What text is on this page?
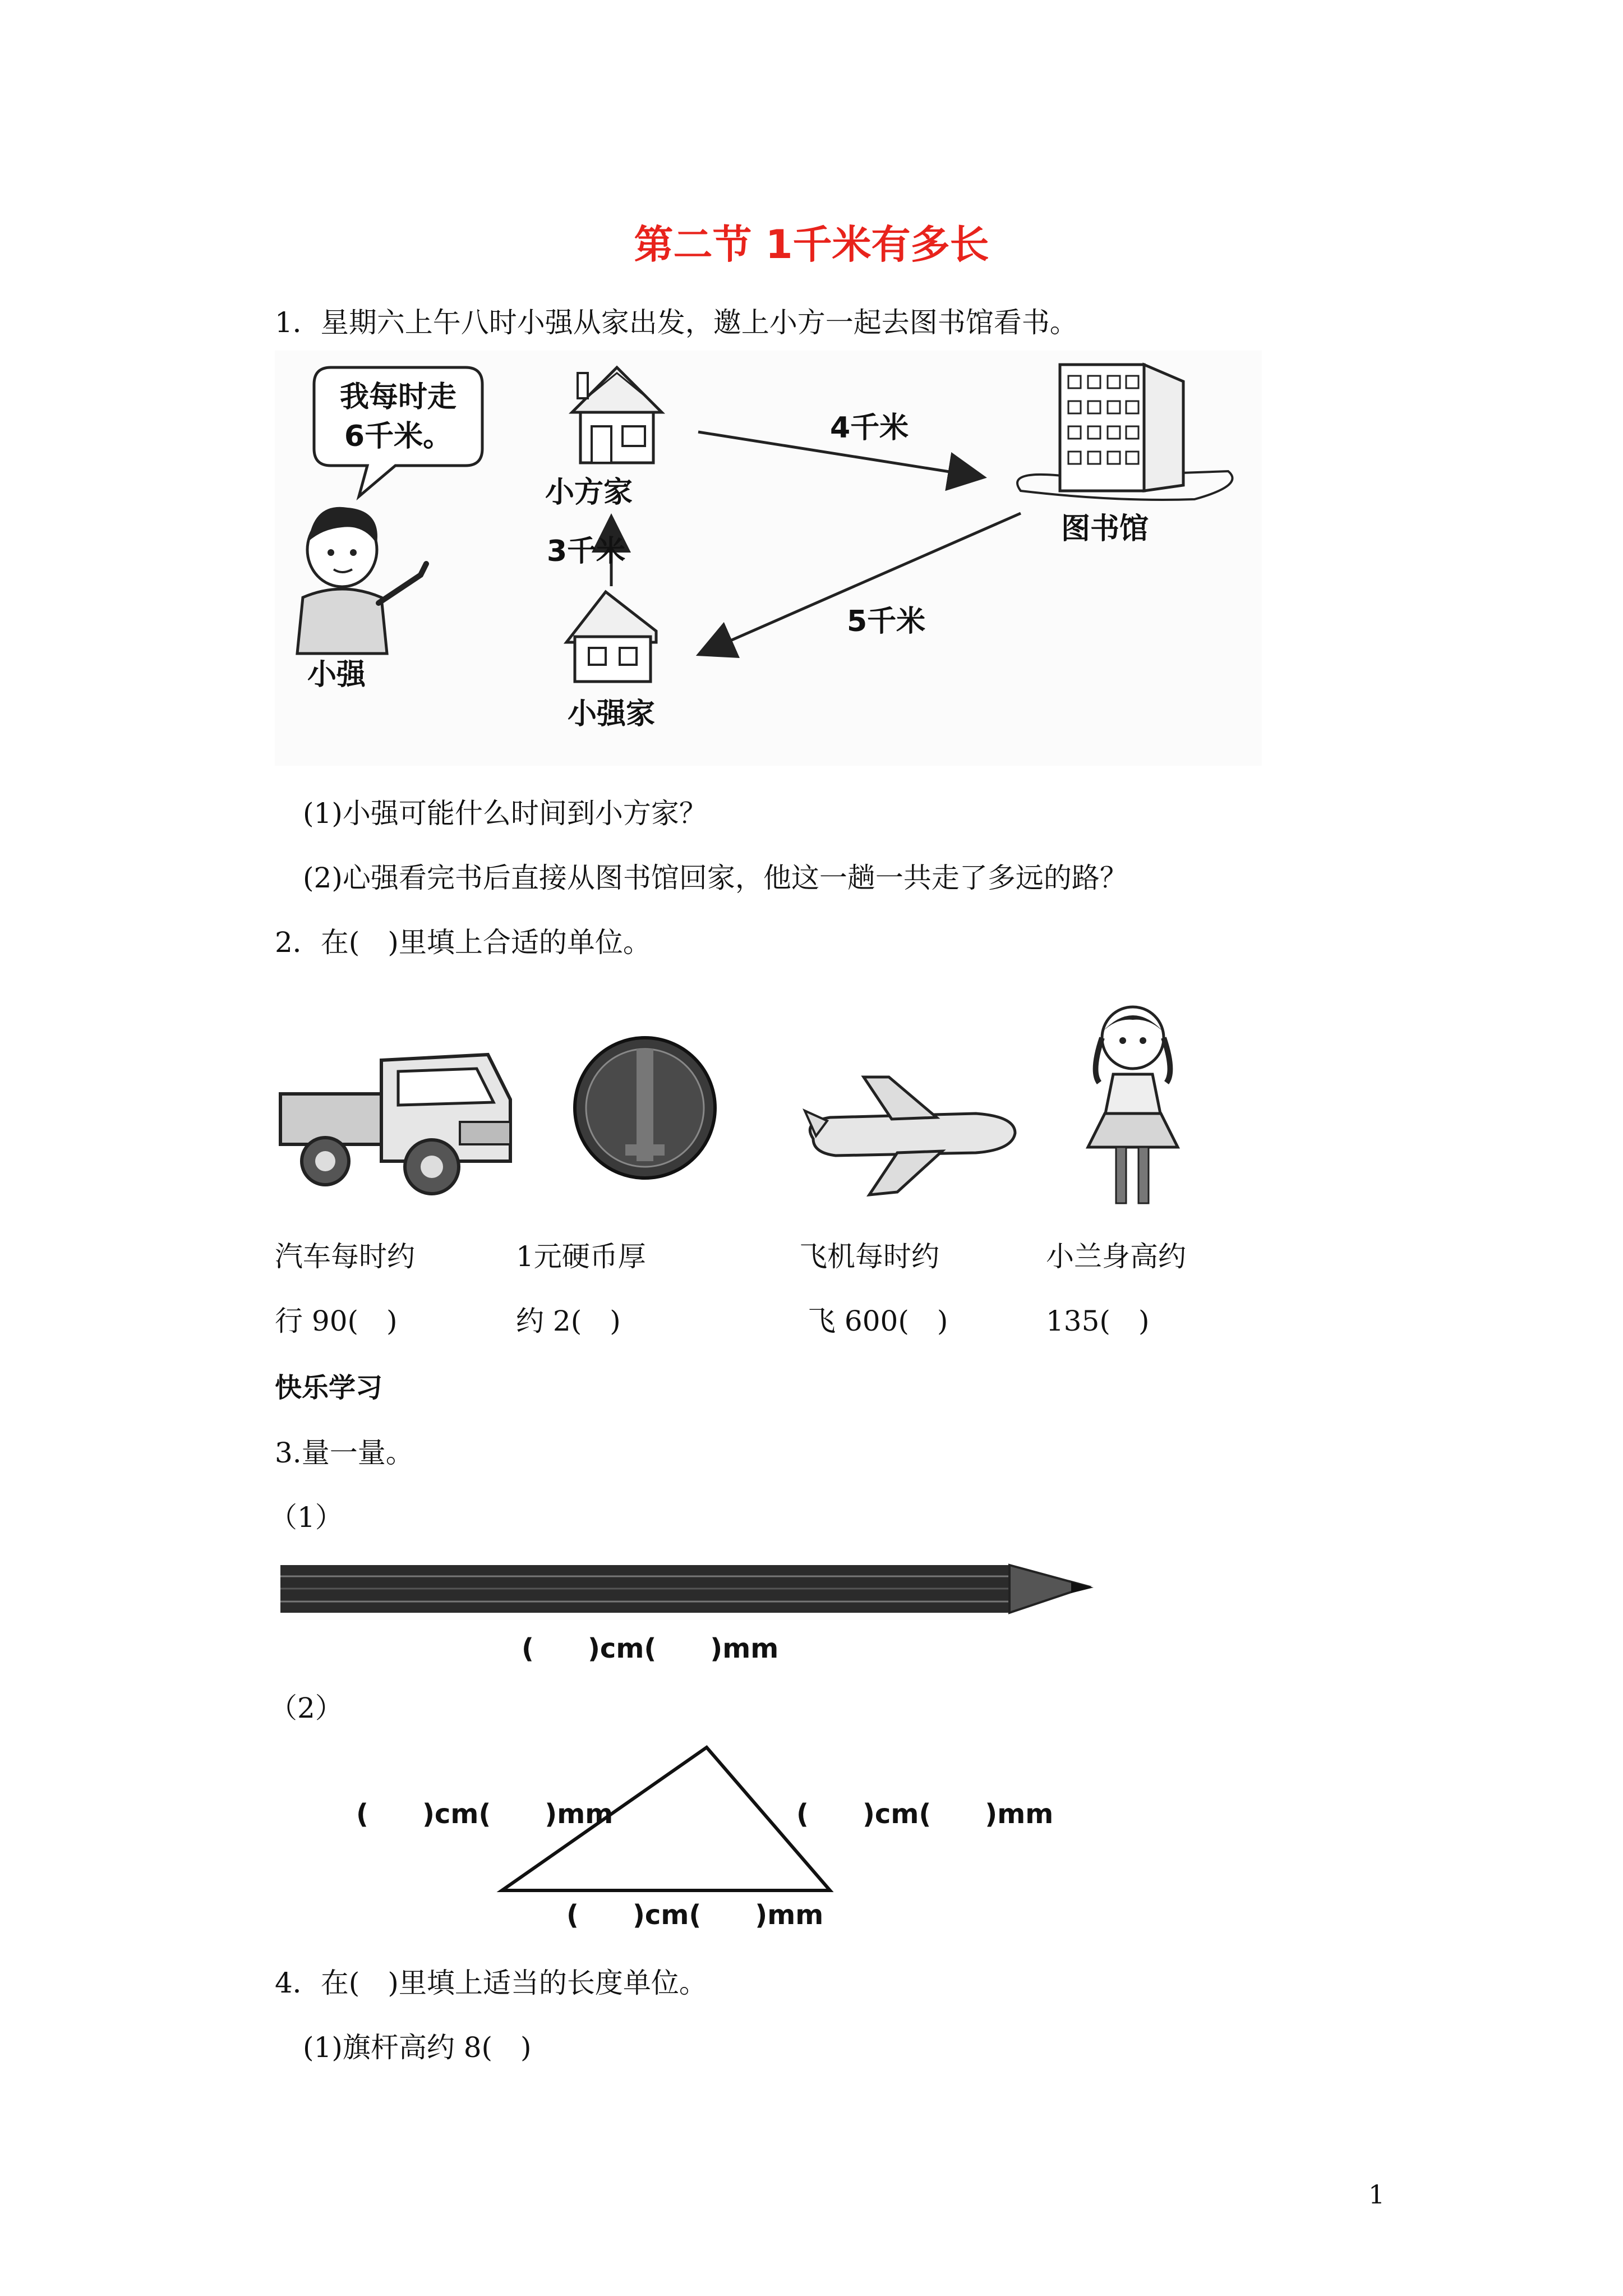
第二节 1千米有多长
1．星期六上午八时小强从家出发，邀上小方一起去图书馆看书。
我每时走
6千米。
小强
小方家
小强家
图书馆
3千米
4千米
5千米
(1)小强可能什么时间到小方家？
(2)心强看完书后直接从图书馆回家，他这一趟一共走了多远的路？
2．在(　)里填上合适的单位。
汽车每时约
行 90(　)
1元硬币厚
约 2(　)
飞机每时约
飞 600(　)
小兰身高约
135(　)
快乐学习
3.量一量。
（1）
(　　)cm(　　)mm
（2）
(　　)cm(　　)mm	(　　)cm(　　)mm
(　　)cm(　　)mm
4．在(　)里填上适当的长度单位。
(1)旗杆高约 8(　)
1
